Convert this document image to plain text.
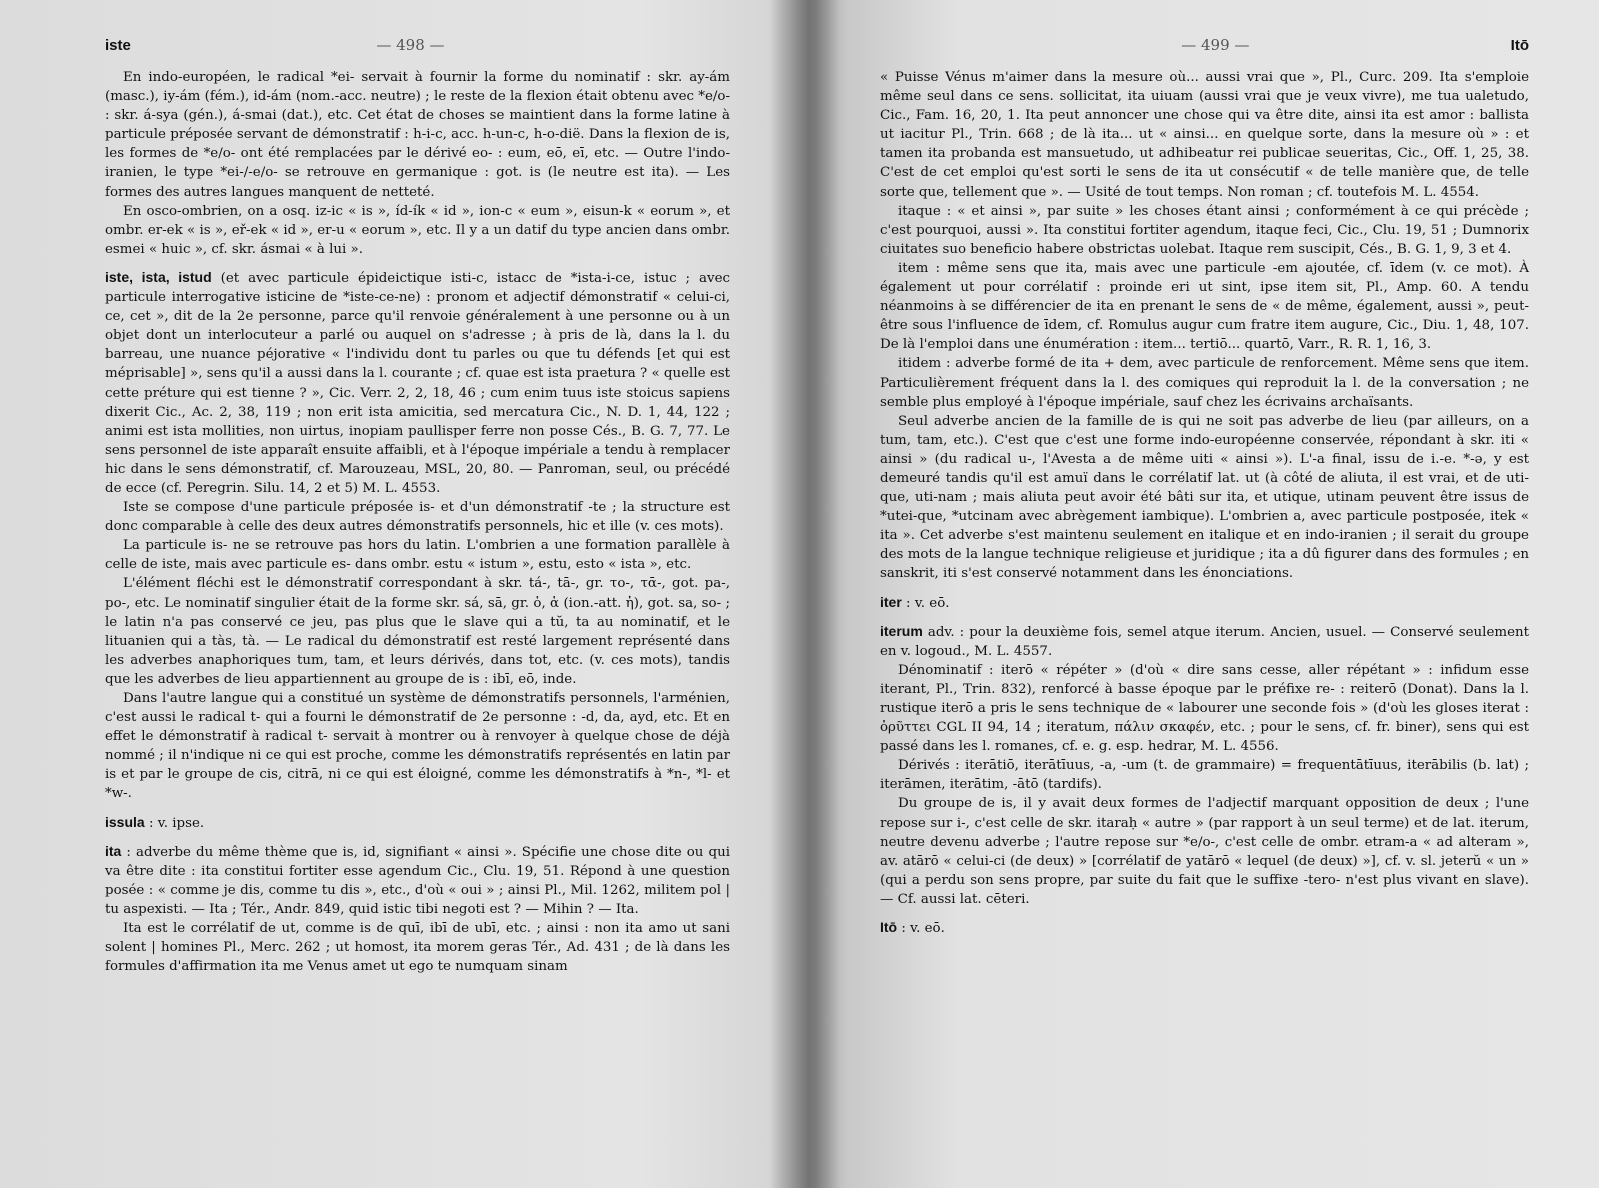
iste	— 498 —

En indo-européen, le radical *ei- servait à fournir la forme du nominatif : skr. ay-ám (masc.), iy-ám (fém.), id-ám (nom.-acc. neutre) ; le reste de la flexion était obtenu avec *e/o- : skr. á-sya (gén.), á-smai (dat.), etc. Cet état de choses se maintient dans la forme latine à particule préposée servant de démonstratif : h-i-c, acc. h-un-c, h-o-dië. Dans la flexion de is, les formes de *e/o- ont été remplacées par le dérivé eo- : eum, eō, eī, etc. — Outre l'indo-iranien, le type *ei-/-e/o- se retrouve en germanique : got. is (le neutre est ita). — Les formes des autres langues manquent de netteté.

En osco-ombrien, on a osq. iz-ic « is », íd-ík « id », ion-c « eum », eisun-k « eorum », et ombr. er-ek « is », eř-ek « id », er-u « eorum », etc. Il y a un datif du type ancien dans ombr. esmei « huic », cf. skr. ásmai « à lui ».

iste, ista, istud (et avec particule épideictique isti-c, istacc de *ista-i-ce, istuc ; avec particule interrogative isticine de *iste-ce-ne) : pronom et adjectif démonstratif « celui-ci, ce, cet », dit de la 2e personne, parce qu'il renvoie généralement à une personne ou à un objet dont un interlocuteur a parlé ou auquel on s'adresse ; à pris de là, dans la l. du barreau, une nuance péjorative « l'individu dont tu parles ou que tu défends [et qui est méprisable] », sens qu'il a aussi dans la l. courante ; cf. quae est ista praetura ? « quelle est cette préture qui est tienne ? », Cic. Verr. 2, 2, 18, 46 ; cum enim tuus iste stoicus sapiens dixerit Cic., Ac. 2, 38, 119 ; non erit ista amicitia, sed mercatura Cic., N. D. 1, 44, 122 ; animi est ista mollities, non uirtus, inopiam paullisper ferre non posse Cés., B. G. 7, 77. Le sens personnel de iste apparaît ensuite affaibli, et à l'époque impériale a tendu à remplacer hic dans le sens démonstratif, cf. Marouzeau, MSL, 20, 80. — Panroman, seul, ou précédé de ecce (cf. Peregrin. Silu. 14, 2 et 5) M. L. 4553.

Iste se compose d'une particule préposée is- et d'un démonstratif -te ; la structure est donc comparable à celle des deux autres démonstratifs personnels, hic et ille (v. ces mots).

La particule is- ne se retrouve pas hors du latin. L'ombrien a une formation parallèle à celle de iste, mais avec particule es- dans ombr. estu « istum », estu, esto « ista », etc.

L'élément fléchi est le démonstratif correspondant à skr. tá-, tā-, gr. το-, τᾱ-, got. pa-, po-, etc. Le nominatif singulier était de la forme skr. sá, sā, gr. ὁ, ἁ (ion.-att. ἡ), got. sa, so- ; le latin n'a pas conservé ce jeu, pas plus que le slave qui a tŭ, ta au nominatif, et le lituanien qui a tàs, tà. — Le radical du démonstratif est resté largement représenté dans les adverbes anaphoriques tum, tam, et leurs dérivés, dans tot, etc. (v. ces mots), tandis que les adverbes de lieu appartiennent au groupe de is : ibī, eō, inde.

Dans l'autre langue qui a constitué un système de démonstratifs personnels, l'arménien, c'est aussi le radical t- qui a fourni le démonstratif de 2e personne : -d, da, ayd, etc. Et en effet le démonstratif à radical t- servait à montrer ou à renvoyer à quelque chose de déjà nommé ; il n'indique ni ce qui est proche, comme les démonstratifs représentés en latin par is et par le groupe de cis, citrā, ni ce qui est éloigné, comme les démonstratifs à *n-, *l- et *w-.

issula : v. ipse.

ita : adverbe du même thème que is, id, signifiant « ainsi ». Spécifie une chose dite ou qui va être dite : ita constitui fortiter esse agendum Cic., Clu. 19, 51. Répond à une question posée : « comme je dis, comme tu dis », etc., d'où « oui » ; ainsi Pl., Mil. 1262, militem pol | tu aspexisti. — Ita ; Tér., Andr. 849, quid istic tibi negoti est ? — Mihin ? — Ita.

Ita est le corrélatif de ut, comme is de quī, ibī de ubī, etc. ; ainsi : non ita amo ut sani solent | homines Pl., Merc. 262 ; ut homost, ita morem geras Tér., Ad. 431 ; de là dans les formules d'affirmation ita me Venus amet ut ego te numquam sinam

— 499 —	Itō

« Puisse Vénus m'aimer dans la mesure où... aussi vrai que », Pl., Curc. 209. Ita s'emploie même seul dans ce sens. sollicitat, ita uiuam (aussi vrai que je veux vivre), me tua ualetudo, Cic., Fam. 16, 20, 1. Ita peut annoncer une chose qui va être dite, ainsi ita est amor : ballista ut iacitur Pl., Trin. 668 ; de là ita... ut « ainsi... en quelque sorte, dans la mesure où » : et tamen ita probanda est mansuetudo, ut adhibeatur rei publicae seueritas, Cic., Off. 1, 25, 38. C'est de cet emploi qu'est sorti le sens de ita ut consécutif « de telle manière que, de telle sorte que, tellement que ». — Usité de tout temps. Non roman ; cf. toutefois M. L. 4554.

itaque : « et ainsi », par suite » les choses étant ainsi ; conformément à ce qui précède ; c'est pourquoi, aussi ». Ita constitui fortiter agendum, itaque feci, Cic., Clu. 19, 51 ; Dumnorix ciuitates suo beneficio habere obstrictas uolebat. Itaque rem suscipit, Cés., B. G. 1, 9, 3 et 4.

item : même sens que ita, mais avec une particule -em ajoutée, cf. īdem (v. ce mot). À également ut pour corrélatif : proinde eri ut sint, ipse item sit, Pl., Amp. 60. A tendu néanmoins à se différencier de ita en prenant le sens de « de même, également, aussi », peut-être sous l'influence de īdem, cf. Romulus augur cum fratre item augure, Cic., Diu. 1, 48, 107. De là l'emploi dans une énumération : item... tertiō... quartō, Varr., R. R. 1, 16, 3.

itidem : adverbe formé de ita + dem, avec particule de renforcement. Même sens que item. Particulièrement fréquent dans la l. des comiques qui reproduit la l. de la conversation ; ne semble plus employé à l'époque impériale, sauf chez les écrivains archaïsants.

Seul adverbe ancien de la famille de is qui ne soit pas adverbe de lieu (par ailleurs, on a tum, tam, etc.). C'est que c'est une forme indo-européenne conservée, répondant à skr. iti « ainsi » (du radical u-, l'Avesta a de même uiti « ainsi »). L'-a final, issu de i.-e. *-ə, y est demeuré tandis qu'il est amuï dans le corrélatif lat. ut (à côté de aliuta, il est vrai, et de uti-que, uti-nam ; mais aliuta peut avoir été bâti sur ita, et utique, utinam peuvent être issus de *utei-que, *utcinam avec abrègement iambique). L'ombrien a, avec particule postposée, itek « ita ». Cet adverbe s'est maintenu seulement en italique et en indo-iranien ; il serait du groupe des mots de la langue technique religieuse et juridique ; ita a dû figurer dans des formules ; en sanskrit, iti s'est conservé notamment dans les énonciations.

iter : v. eō.

iterum adv. : pour la deuxième fois, semel atque iterum. Ancien, usuel. — Conservé seulement en v. logoud., M. L. 4557.

Dénominatif : iterō « répéter » (d'où « dire sans cesse, aller répétant » : infidum esse iterant, Pl., Trin. 832), renforcé à basse époque par le préfixe re- : reiterō (Donat). Dans la l. rustique iterō a pris le sens technique de « labourer une seconde fois » (d'où les gloses iterat : ὀρῦττει CGL II 94, 14 ; iteratum, πάλιν σκαφέν, etc. ; pour le sens, cf. fr. biner), sens qui est passé dans les l. romanes, cf. e. g. esp. hedrar, M. L. 4556.

Dérivés : iterātiō, iterātīuus, -a, -um (t. de grammaire) = frequentātīuus, iterābilis (b. lat) ; iterāmen, iterātim, -ātō (tardifs).

Du groupe de is, il y avait deux formes de l'adjectif marquant opposition de deux ; l'une repose sur i-, c'est celle de skr. itaraḥ « autre » (par rapport à un seul terme) et de lat. iterum, neutre devenu adverbe ; l'autre repose sur *e/o-, c'est celle de ombr. etram-a « ad alteram », av. atārō « celui-ci (de deux) » [corrélatif de yatārō « lequel (de deux) »], cf. v. sl. jeterŭ « un » (qui a perdu son sens propre, par suite du fait que le suffixe -tero- n'est plus vivant en slave). — Cf. aussi lat. cēteri.

Itō : v. eō.
